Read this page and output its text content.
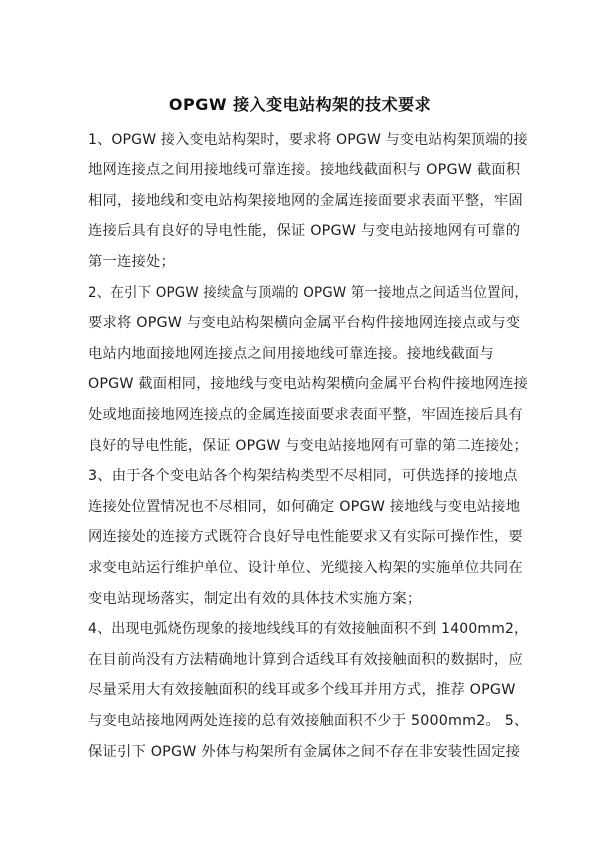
OPGW 接入变电站构架的技术要求
1、OPGW 接入变电站构架时，要求将 OPGW 与变电站构架顶端的接
地网连接点之间用接地线可靠连接。接地线截面积与 OPGW 截面积
相同，接地线和变电站构架接地网的金属连接面要求表面平整，牢固
连接后具有良好的导电性能，保证 OPGW 与变电站接地网有可靠的
第一连接处；
2、在引下 OPGW 接续盒与顶端的 OPGW 第一接地点之间适当位置间，
要求将 OPGW 与变电站构架横向金属平台构件接地网连接点或与变
电站内地面接地网连接点之间用接地线可靠连接。接地线截面与
OPGW 截面相同，接地线与变电站构架横向金属平台构件接地网连接
处或地面接地网连接点的金属连接面要求表面平整，牢固连接后具有
良好的导电性能，保证 OPGW 与变电站接地网有可靠的第二连接处；
3、由于各个变电站各个构架结构类型不尽相同，可供选择的接地点
连接处位置情况也不尽相同，如何确定 OPGW 接地线与变电站接地
网连接处的连接方式既符合良好导电性能要求又有实际可操作性，要
求变电站运行维护单位、设计单位、光缆接入构架的实施单位共同在
变电站现场落实，制定出有效的具体技术实施方案；
4、出现电弧烧伤现象的接地线线耳的有效接触面积不到 1400mm2，
在目前尚没有方法精确地计算到合适线耳有效接触面积的数据时，应
尽量采用大有效接触面积的线耳或多个线耳并用方式，推荐 OPGW
与变电站接地网两处连接的总有效接触面积不少于 5000mm2。 5、
保证引下 OPGW 外体与构架所有金属体之间不存在非安装性固定接
